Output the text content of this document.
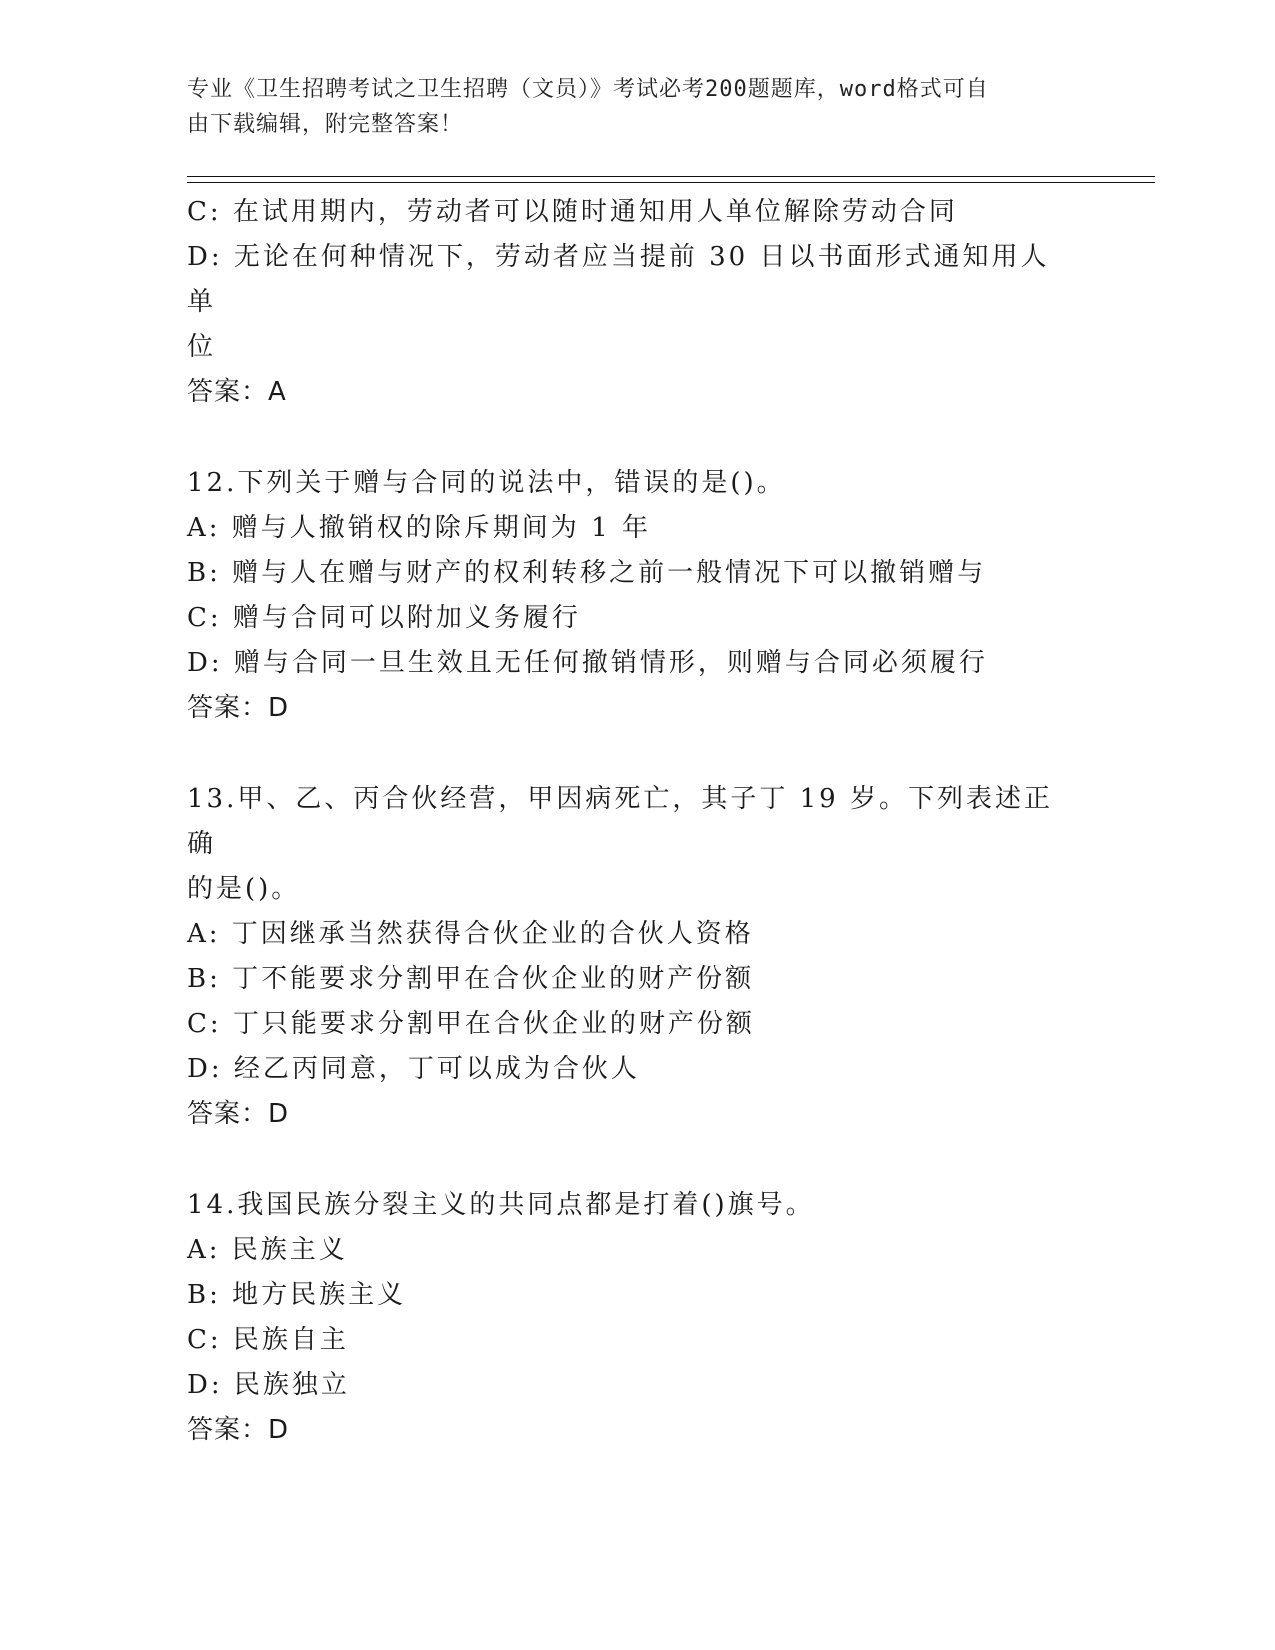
专业《卫生招聘考试之卫生招聘（文员）》考试必考200题题库，word格式可自
由下载编辑，附完整答案！

C: 在试用期内，劳动者可以随时通知用人单位解除劳动合同

D: 无论在何种情况下，劳动者应当提前 30 日以书面形式通知用人单

位

答案：A

12.下列关于赠与合同的说法中，错误的是()。

A: 赠与人撤销权的除斥期间为 1 年

B: 赠与人在赠与财产的权利转移之前一般情况下可以撤销赠与

C: 赠与合同可以附加义务履行

D: 赠与合同一旦生效且无任何撤销情形，则赠与合同必须履行

答案：D

13.甲、乙、丙合伙经营，甲因病死亡，其子丁 19 岁。下列表述正确

的是()。

A: 丁因继承当然获得合伙企业的合伙人资格

B: 丁不能要求分割甲在合伙企业的财产份额

C: 丁只能要求分割甲在合伙企业的财产份额

D: 经乙丙同意，丁可以成为合伙人

答案：D

14.我国民族分裂主义的共同点都是打着()旗号。

A: 民族主义

B: 地方民族主义

C: 民族自主

D: 民族独立

答案：D
